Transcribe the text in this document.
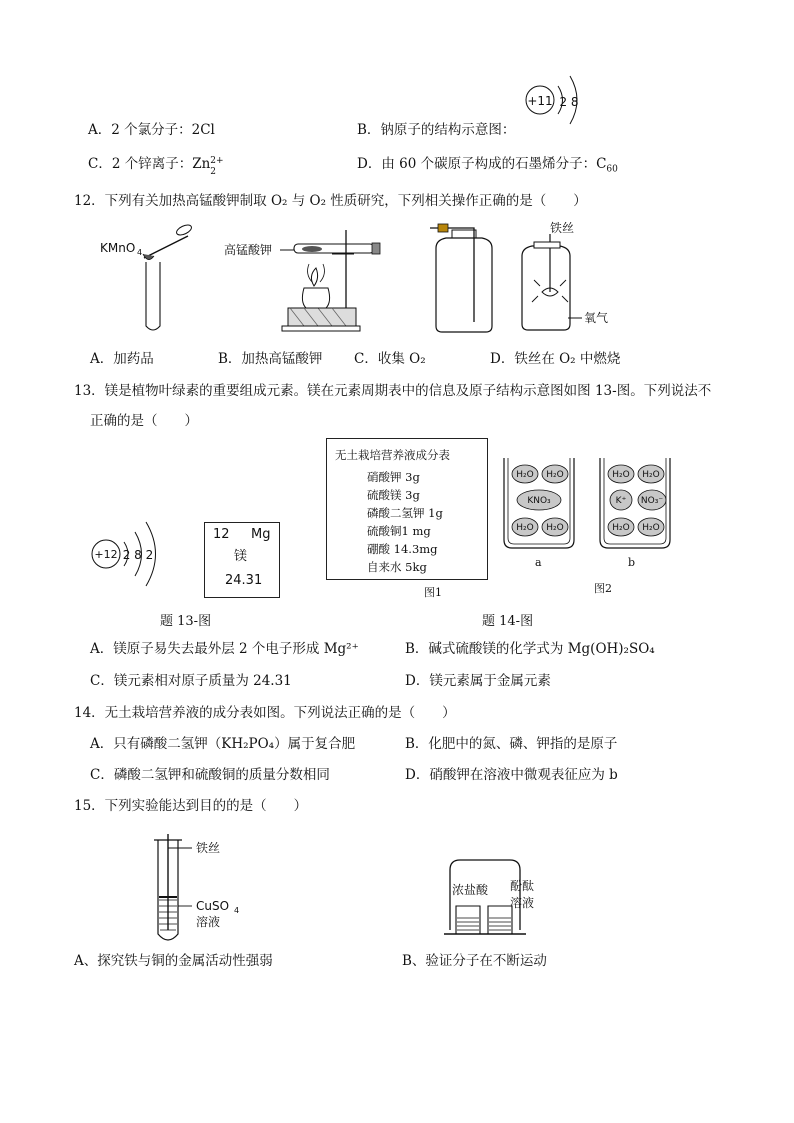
+11 2 8
A．2 个氯分子：2Cl	B．钠原子的结构示意图：
C．2 个锌离子：Zn 2+
2	D．由 60 个碳原子构成的石墨烯分子：$C_{60}$
12．下列有关加热高锰酸钾制取 O₂ 与 O₂ 性质研究，下列相关操作正确的是（　　）
KMnO 4	高锰酸钾
铁丝
氧气
A．加药品	B．加热高锰酸钾 C．收集 O₂	D．铁丝在 O₂ 中燃烧
13．镁是植物叶绿素的重要组成元素。镁在元素周期表中的信息及原子结构示意图如图 13-图。下列说法不
正确的是（　　）
+12 2 8 2
12 Mg
镁
24.31
题 13-图
无土栽培营养液成分表
硝酸钾 3g
硫酸镁 3g
磷酸二氢钾 1g
硫酸铜1 mg
硼酸 14.3mg
自来水 5kg
图1
H₂O H₂O
KNO₃
H₂O H₂O
H₂O H₂O
K⁺ NO₃⁻
H₂O H₂O
a	b
图2
题 14-图
A．镁原子易失去最外层 2 个电子形成 Mg²⁺	B．碱式硫酸镁的化学式为 Mg(OH)₂SO₄
C．镁元素相对原子质量为 24.31	D．镁元素属于金属元素
14．无土栽培营养液的成分表如图。下列说法正确的是（　　）
A．只有磷酸二氢钾（KH₂PO₄）属于复合肥	B．化肥中的氮、磷、钾指的是原子
C．磷酸二氢钾和硫酸铜的质量分数相同	D．硝酸钾在溶液中微观表征应为 b
15．下列实验能达到目的的是（　　）
铁丝
CuSO 4
溶液
浓盐酸 酚酞
溶液
A、探究铁与铜的金属活动性强弱	B、验证分子在不断运动
